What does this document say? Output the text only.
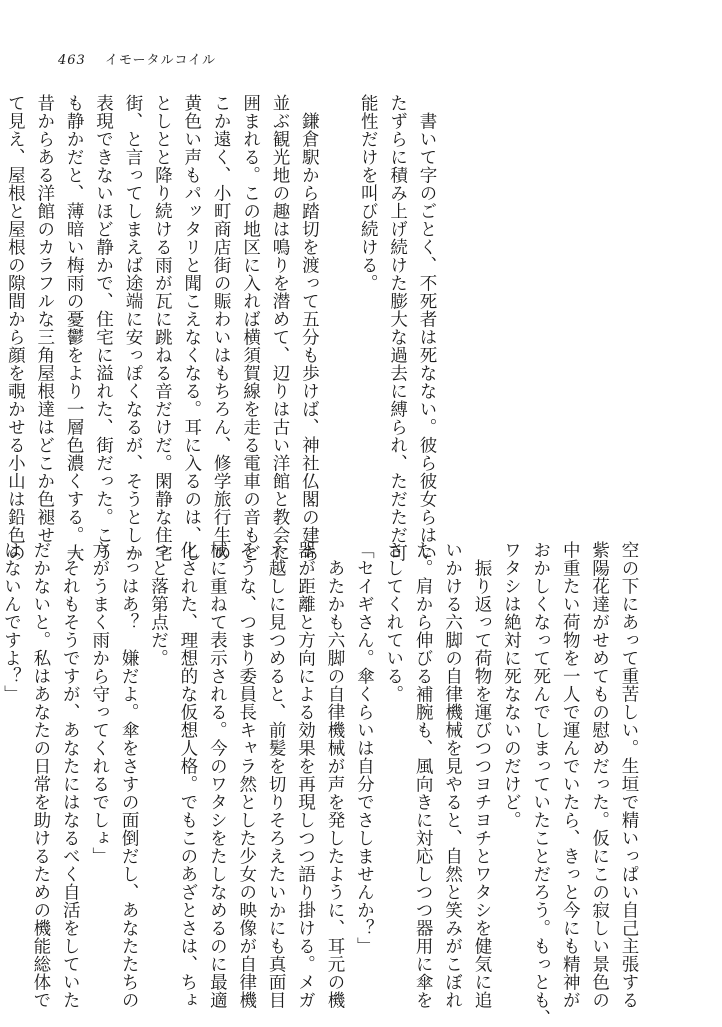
463 イモータルコイル
　書いて字のごとく、不死者は死なない。彼ら彼女らはい
たずらに積み上げ続けた膨大な過去に縛られ、ただただ可
能性だけを叫び続ける。
　鎌倉駅から踏切を渡って五分も歩けば、神社仏閣の建ち
並ぶ観光地の趣は鳴りを潜めて、辺りは古い洋館と教会に
囲まれる。この地区に入れば横須賀線を走る電車の音もど
こか遠く、小町商店街の賑わいはもちろん、修学旅行生の
黄色い声もパッタリと聞こえなくなる。耳に入るのは、し
としとと降り続ける雨が瓦に跳ねる音だけだ。閑静な住宅
街、と言ってしまえば途端に安っぽくなるが、そうとしか
表現できないほど静かで、住宅に溢れた、街だった。こう
も静かだと、薄暗い梅雨の憂鬱をより一層色濃くする。大
昔からある洋館のカラフルな三角屋根達はどこか色褪せ
て見え、屋根と屋根の隙間から顔を覗かせる小山は鉛色の
空の下にあって重苦しい。生垣で精いっぱい自己主張する
紫陽花達がせめてもの慰めだった。仮にこの寂しい景色の
中重たい荷物を一人で運んでいたら、きっと今にも精神が
おかしくなって死んでしまっていたことだろう。もっとも、
ワタシは絶対に死なないのだけど。
　振り返って荷物を運びつつヨチヨチとワタシを健気に追
いかける六脚の自律機械を見やると、自然と笑みがこぼれ
た。肩から伸びる補腕も、風向きに対応しつつ器用に傘を
さしてくれている。
「セイギさん。傘くらいは自分でさしませんか？」
　あたかも六脚の自律機械が声を発したように、耳元の機
器が距離と方向による効果を再現しつつ語り掛ける。メガ
ネ越しに見つめると、前髪を切りそろえたいかにも真面目
そうな、つまり委員長キャラ然とした少女の映像が自律機
械に重ねて表示される。今のワタシをたしなめるのに最適
化された、理想的な仮想人格。でもこのあざとさは、ちょ
っと落第点だ。
「っはあ？　嫌だよ。傘をさすの面倒だし、あなたたちの
方がうまく雨から守ってくれるでしょ」
「それもそうですが、あなたにはなるべく自活をしていた
だかないと。私はあなたの日常を助けるための機能総体で
はないんですよ？」
